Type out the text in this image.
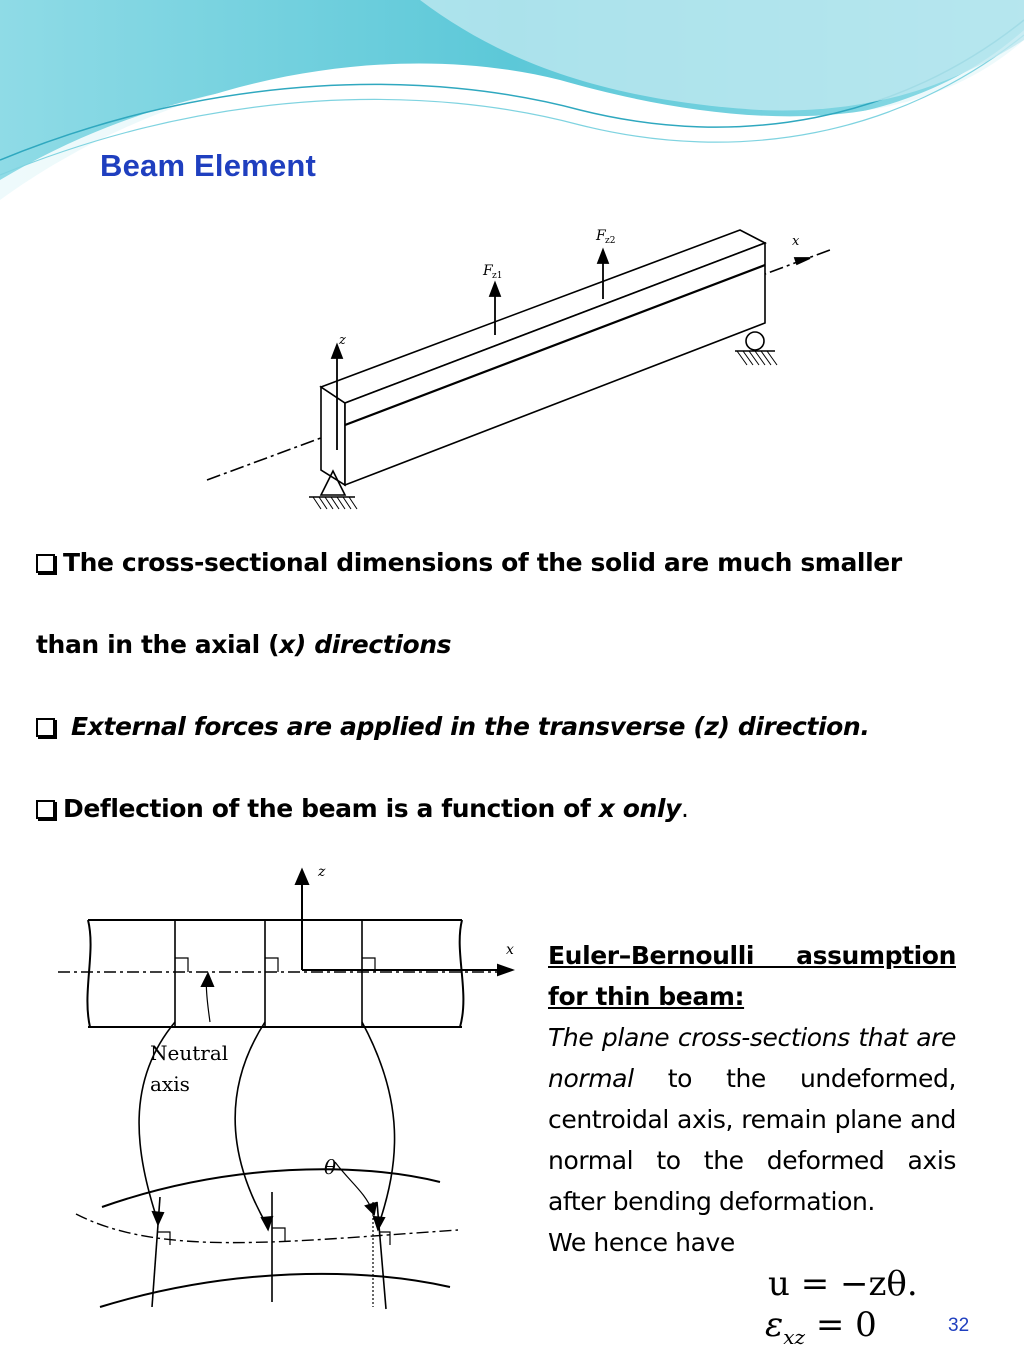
Beam Element
z
F z1
F z2	x
The cross-sectional dimensions of the solid are much smaller
than in the axial (x) directions
External forces are applied in the transverse (z) direction.
Deflection of the beam is a function of x only.
z
x
Neutral
axis
θ
Euler–Bernoulli assumption for thin beam:
The plane cross-sections that are normal to the undeformed, centroidal axis, remain plane and normal to the deformed axis after bending deformation.
We hence have
u = −zθ.
$\varepsilon_{xz} = 0$	32
